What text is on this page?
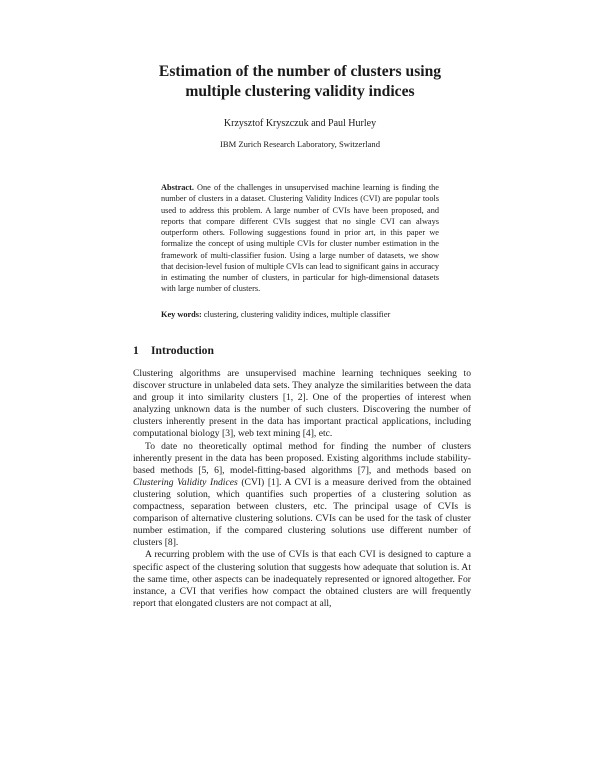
Estimation of the number of clusters using
multiple clustering validity indices
Krzysztof Kryszczuk and Paul Hurley
IBM Zurich Research Laboratory, Switzerland
Abstract. One of the challenges in unsupervised machine learning is finding the number of clusters in a dataset. Clustering Validity Indices (CVI) are popular tools used to address this problem. A large number of CVIs have been proposed, and reports that compare different CVIs suggest that no single CVI can always outperform others. Following suggestions found in prior art, in this paper we formalize the concept of using multiple CVIs for cluster number estimation in the framework of multi-classifier fusion. Using a large number of datasets, we show that decision-level fusion of multiple CVIs can lead to significant gains in accuracy in estimating the number of clusters, in particular for high-dimensional datasets with large number of clusters.
Key words: clustering, clustering validity indices, multiple classifier
1 Introduction

Clustering algorithms are unsupervised machine learning techniques seeking to discover structure in unlabeled data sets. They analyze the similarities between the data and group it into similarity clusters [1, 2]. One of the properties of interest when analyzing unknown data is the number of such clusters. Discovering the number of clusters inherently present in the data has important practical applications, including computational biology [3], web text mining [4], etc.

To date no theoretically optimal method for finding the number of clusters inherently present in the data has been proposed. Existing algorithms include stability-based methods [5, 6], model-fitting-based algorithms [7], and methods based on Clustering Validity Indices (CVI) [1]. A CVI is a measure derived from the obtained clustering solution, which quantifies such properties of a clustering solution as compactness, separation between clusters, etc. The principal usage of CVIs is comparison of alternative clustering solutions. CVIs can be used for the task of cluster number estimation, if the compared clustering solutions use different number of clusters [8].

A recurring problem with the use of CVIs is that each CVI is designed to capture a specific aspect of the clustering solution that suggests how adequate that solution is. At the same time, other aspects can be inadequately represented or ignored altogether. For instance, a CVI that verifies how compact the obtained clusters are will frequently report that elongated clusters are not compact at all,
